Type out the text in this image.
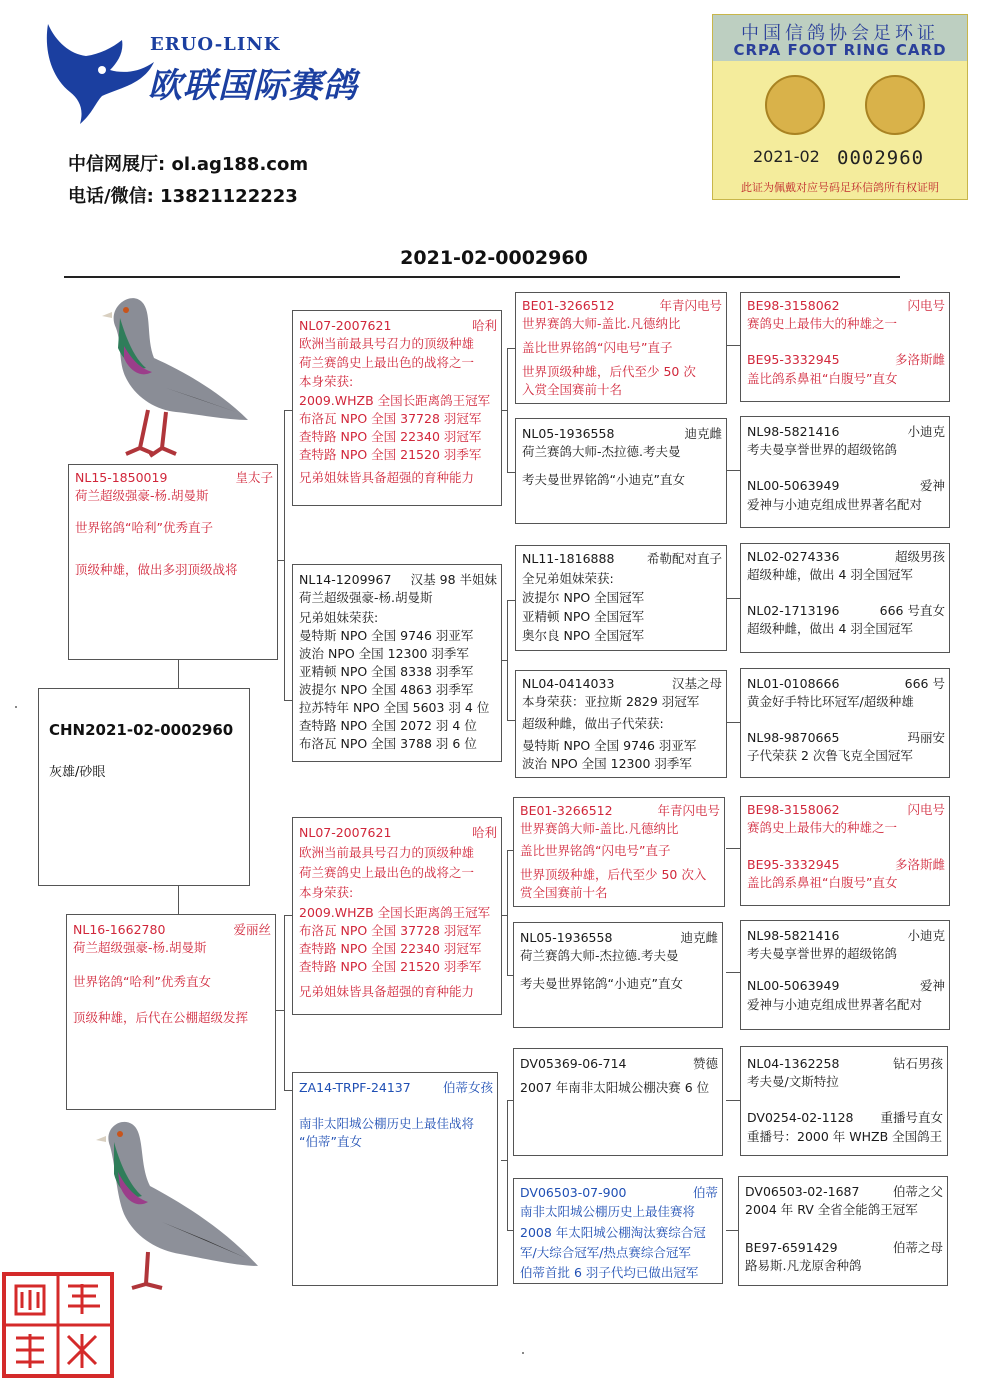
ERUO-LINK
欧联国际赛鸽
中信网展厅: ol.ag188.com
电话/微信: 13821122223
中国信鸽协会足环证
CRPA FOOT RING CARD
2021-02 0002960
此证为佩戴对应号码足环信鸽所有权证明
2021-02-0002960
CHN2021-02-0002960
灰雄/砂眼
NL15-1850019	皇太子
荷兰超级强豪-杨.胡曼斯
世界铭鸽“哈利”优秀直子
顶级种雄，做出多羽顶级战将
NL16-1662780	爱丽丝
荷兰超级强豪-杨.胡曼斯
世界铭鸽“哈利”优秀直女
顶级种雄，后代在公棚超级发挥
NL07-2007621	哈利
欧洲当前最具号召力的顶级种雄
荷兰赛鸽史上最出色的战将之一
本身荣获:
2009.WHZB 全国长距离鸽王冠军
布洛瓦 NPO 全国 37728 羽冠军
查特路 NPO 全国 22340 羽冠军
查特路 NPO 全国 21520 羽季军
兄弟姐妹皆具备超强的育种能力
NL14-1209967 汉基 98 半姐妹
荷兰超级强豪-杨.胡曼斯
兄弟姐妹荣获:
曼特斯 NPO 全国 9746 羽亚军
波治 NPO 全国 12300 羽季军
亚精顿 NPO 全国 8338 羽季军
波提尔 NPO 全国 4863 羽季军
拉苏特年 NPO 全国 5603 羽 4 位
查特路 NPO 全国 2072 羽 4 位
布洛瓦 NPO 全国 3788 羽 6 位
NL07-2007621	哈利
欧洲当前最具号召力的顶级种雄
荷兰赛鸽史上最出色的战将之一
本身荣获:
2009.WHZB 全国长距离鸽王冠军
布洛瓦 NPO 全国 37728 羽冠军
查特路 NPO 全国 22340 羽冠军
查特路 NPO 全国 21520 羽季军
兄弟姐妹皆具备超强的育种能力
ZA14-TRPF-24137	伯蒂女孩
南非太阳城公棚历史上最佳战将
“伯蒂”直女
BE01-3266512	年青闪电号
世界赛鸽大师-盖比.凡德纳比
盖比世界铭鸽“闪电号”直子
世界顶级种雄，后代至少 50 次
入赏全国赛前十名
NL05-1936558	迪克雌
荷兰赛鸽大师-杰拉德.考夫曼
考夫曼世界铭鸽“小迪克”直女
NL11-1816888	希勒配对直子
全兄弟姐妹荣获:
波提尔 NPO 全国冠军
亚精顿 NPO 全国冠军
奥尔良 NPO 全国冠军
NL04-0414033	汉基之母
本身荣获：亚拉斯 2829 羽冠军
超级种雌，做出子代荣获:
曼特斯 NPO 全国 9746 羽亚军
波治 NPO 全国 12300 羽季军
BE01-3266512	年青闪电号
世界赛鸽大师-盖比.凡德纳比
盖比世界铭鸽“闪电号”直子
世界顶级种雄，后代至少 50 次入
赏全国赛前十名
NL05-1936558	迪克雌
荷兰赛鸽大师-杰拉德.考夫曼
考夫曼世界铭鸽“小迪克”直女
DV05369-06-714	赞德
2007 年南非太阳城公棚决赛 6 位
DV06503-07-900	伯蒂
南非太阳城公棚历史上最佳赛将
2008 年太阳城公棚淘汰赛综合冠
军/大综合冠军/热点赛综合冠军
伯蒂首批 6 羽子代均已做出冠军
BE98-3158062	闪电号
赛鸽史上最伟大的种雄之一
BE95-3332945	多洛斯雌
盖比鸽系鼻祖“白腹号”直女
NL98-5821416	小迪克
考夫曼享誉世界的超级铭鸽
NL00-5063949	爱神
爱神与小迪克组成世界著名配对
NL02-0274336	超级男孩
超级种雄，做出 4 羽全国冠军
NL02-1713196	666 号直女
超级种雌，做出 4 羽全国冠军
NL01-0108666	666 号
黄金好手特比环冠军/超级种雄
NL98-9870665	玛丽安
子代荣获 2 次鲁飞克全国冠军
BE98-3158062	闪电号
赛鸽史上最伟大的种雄之一
BE95-3332945	多洛斯雌
盖比鸽系鼻祖“白腹号”直女
NL98-5821416	小迪克
考夫曼享誉世界的超级铭鸽
NL00-5063949	爱神
爱神与小迪克组成世界著名配对
NL04-1362258	钻石男孩
考夫曼/文斯特拉
DV0254-02-1128 重播号直女
重播号：2000 年 WHZB 全国鸽王
DV06503-02-1687	伯蒂之父
2004 年 RV 全省全能鸽王冠军
BE97-6591429	伯蒂之母
路易斯.凡龙原舍种鸽
